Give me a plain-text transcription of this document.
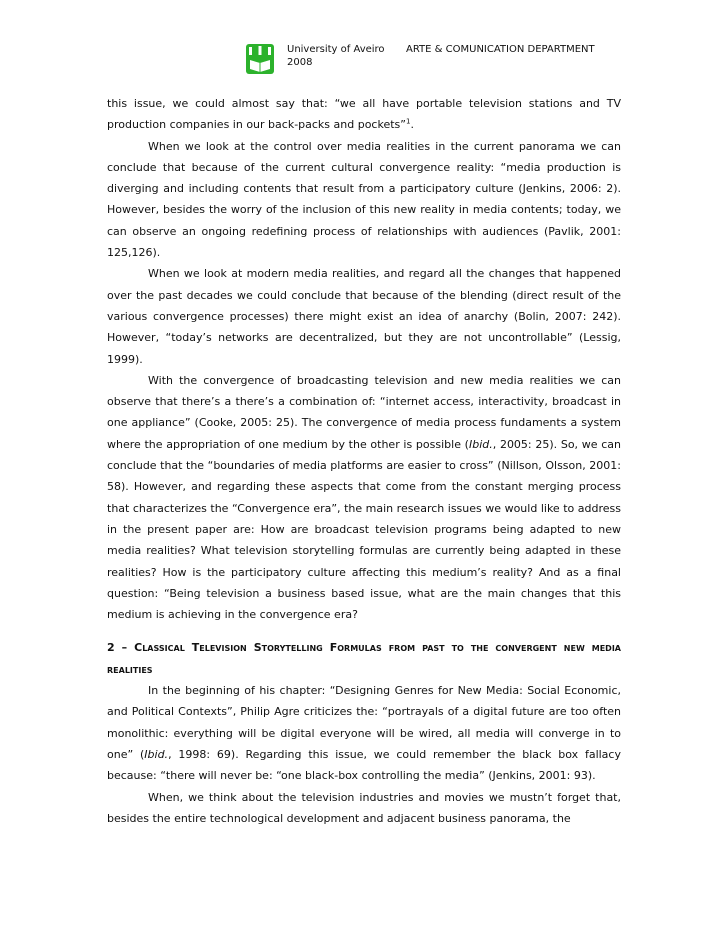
University of Aveiro
2008
ARTE & COMUNICATION DEPARTMENT

this issue, we could almost say that: “we all have portable television stations and TV production companies in our back-packs and pockets”$^1$.

When we look at the control over media realities in the current panorama we can conclude that because of the current cultural convergence reality: “media production is diverging and including contents that result from a participatory culture (Jenkins, 2006: 2). However, besides the worry of the inclusion of this new reality in media contents; today, we can observe an ongoing redefining process of relationships with audiences (Pavlik, 2001: 125,126).

When we look at modern media realities, and regard all the changes that happened over the past decades we could conclude that because of the blending (direct result of the various convergence processes) there might exist an idea of anarchy (Bolin, 2007: 242). However, “today’s networks are decentralized, but they are not uncontrollable” (Lessig, 1999).

With the convergence of broadcasting television and new media realities we can observe that there’s a there’s a combination of: “internet access, interactivity, broadcast in one appliance” (Cooke, 2005: 25). The convergence of media process fundaments a system where the appropriation of one medium by the other is possible (Ibid., 2005: 25). So, we can conclude that the “boundaries of media platforms are easier to cross” (Nillson, Olsson, 2001: 58). However, and regarding these aspects that come from the constant merging process that characterizes the “Convergence era”, the main research issues we would like to address in the present paper are: How are broadcast television programs being adapted to new media realities? What television storytelling formulas are currently being adapted in these realities? How is the participatory culture affecting this medium’s reality? And as a final question: “Being television a business based issue, what are the main changes that this medium is achieving in the convergence era?

2 – Classical Television Storytelling Formulas from past to the convergent new media realities

In the beginning of his chapter: “Designing Genres for New Media: Social Economic, and Political Contexts”, Philip Agre criticizes the: “portrayals of a digital future are too often monolithic: everything will be digital everyone will be wired, all media will converge in to one” (Ibid., 1998: 69). Regarding this issue, we could remember the black box fallacy because: “there will never be: “one black-box controlling the media” (Jenkins, 2001: 93).

When, we think about the television industries and movies we mustn’t forget that, besides the entire technological development and adjacent business panorama, the
